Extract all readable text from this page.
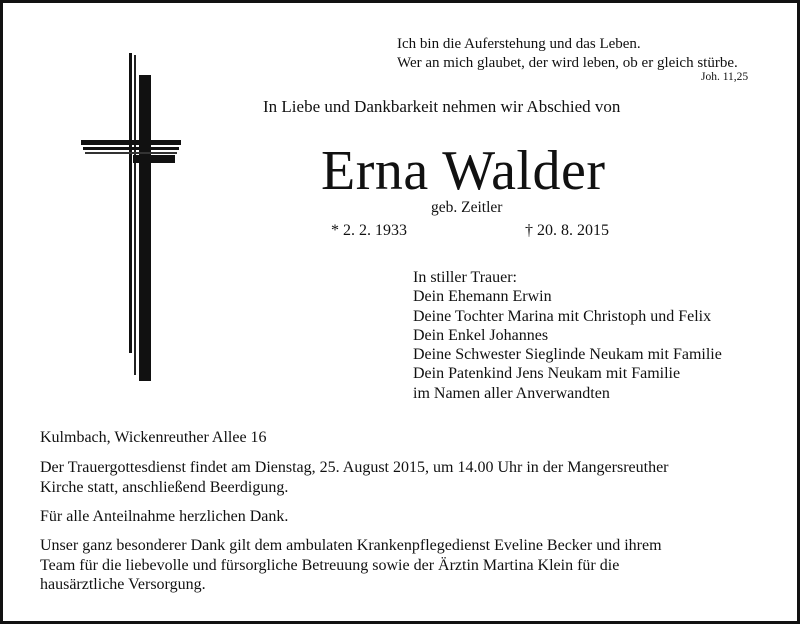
Ich bin die Auferstehung und das Leben.
Wer an mich glaubet, der wird leben, ob er gleich stürbe.
Joh. 11,25
In Liebe und Dankbarkeit nehmen wir Abschied von
Erna Walder
geb. Zeitler
* 2. 2. 1933	† 20. 8. 2015
In stiller Trauer:
Dein Ehemann Erwin
Deine Tochter Marina mit Christoph und Felix
Dein Enkel Johannes
Deine Schwester Sieglinde Neukam mit Familie
Dein Patenkind Jens Neukam mit Familie
im Namen aller Anverwandten
Kulmbach, Wickenreuther Allee 16
Der Trauergottesdienst findet am Dienstag, 25. August 2015, um 14.00 Uhr in der Mangersreuther
Kirche statt, anschließend Beerdigung.
Für alle Anteilnahme herzlichen Dank.
Unser ganz besonderer Dank gilt dem ambulaten Krankenpflegedienst Eveline Becker und ihrem
Team für die liebevolle und fürsorgliche Betreuung sowie der Ärztin Martina Klein für die
hausärztliche Versorgung.
